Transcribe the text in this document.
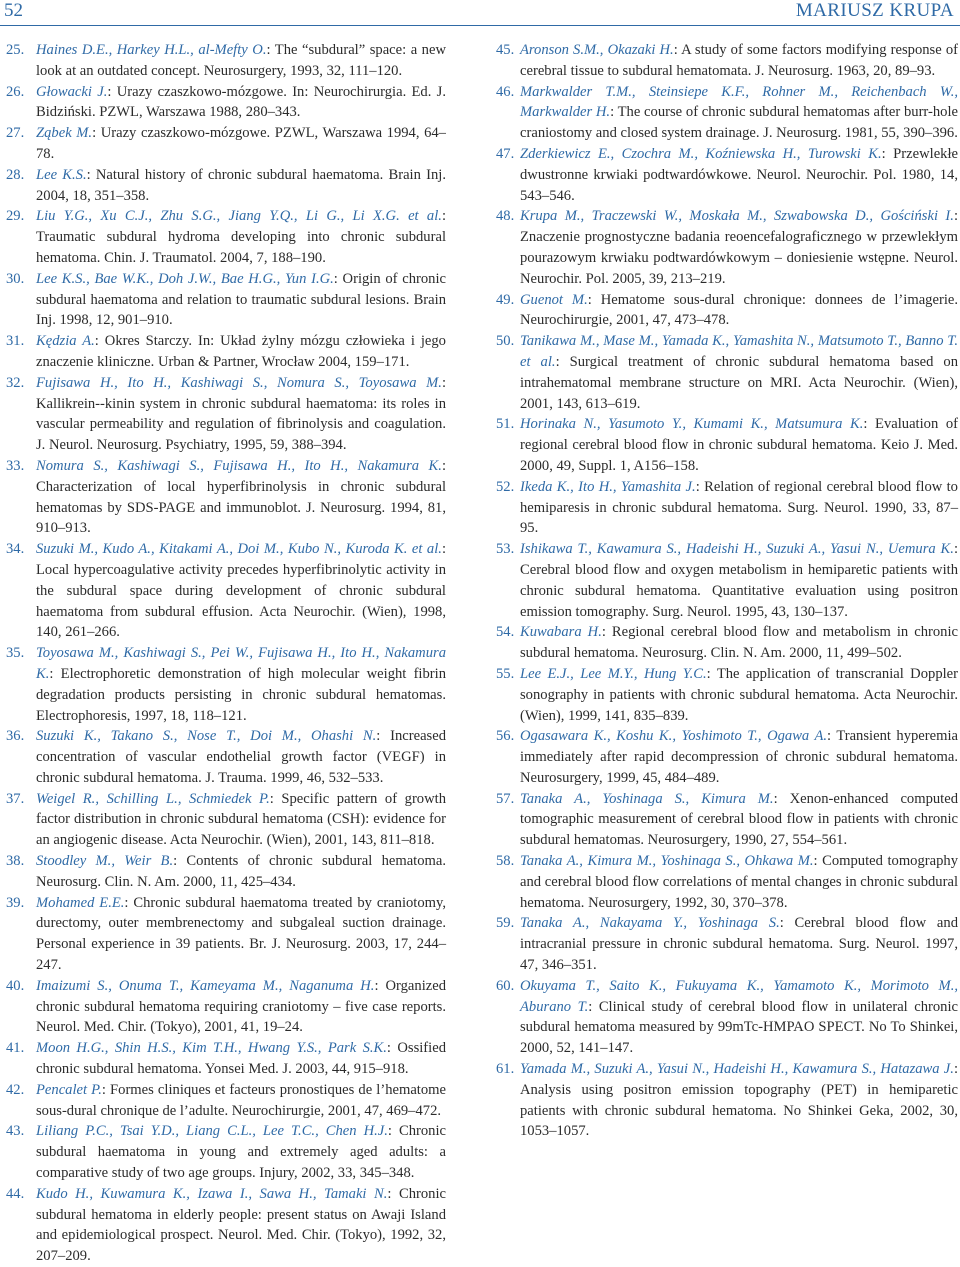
52	MARIUSZ KRUPA

25. Haines D.E., Harkey H.L., al-Mefty O.: The “subdural” space: a new look at an outdated concept. Neurosurgery, 1993, 32, 111–120.

26. Głowacki J.: Urazy czaszkowo-mózgowe. In: Neurochirurgia. Ed. J. Bidziński. PZWL, Warszawa 1988, 280–343.

27. Ząbek M.: Urazy czaszkowo-mózgowe. PZWL, Warszawa 1994, 64–78.

28. Lee K.S.: Natural history of chronic subdural haematoma. Brain Inj. 2004, 18, 351–358.

29. Liu Y.G., Xu C.J., Zhu S.G., Jiang Y.Q., Li G., Li X.G. et al.: Traumatic subdural hydroma developing into chronic subdural hematoma. Chin. J. Traumatol. 2004, 7, 188–190.

30. Lee K.S., Bae W.K., Doh J.W., Bae H.G., Yun I.G.: Origin of chronic subdural haematoma and relation to traumatic subdural lesions. Brain Inj. 1998, 12, 901–910.

31. Kędzia A.: Okres Starczy. In: Układ żylny mózgu człowieka i jego znaczenie kliniczne. Urban & Partner, Wrocław 2004, 159–171.

32. Fujisawa H., Ito H., Kashiwagi S., Nomura S., Toyosawa M.: Kallikrein--kinin system in chronic subdural haematoma: its roles in vascular permeability and regulation of fibrinolysis and coagulation. J. Neurol. Neurosurg. Psychiatry, 1995, 59, 388–394.

33. Nomura S., Kashiwagi S., Fujisawa H., Ito H., Nakamura K.: Characterization of local hyperfibrinolysis in chronic subdural hematomas by SDS-PAGE and immunoblot. J. Neurosurg. 1994, 81, 910–913.

34. Suzuki M., Kudo A., Kitakami A., Doi M., Kubo N., Kuroda K. et al.: Local hypercoagulative activity precedes hyperfibrinolytic activity in the subdural space during development of chronic subdural haematoma from subdural effusion. Acta Neurochir. (Wien), 1998, 140, 261–266.

35. Toyosawa M., Kashiwagi S., Pei W., Fujisawa H., Ito H., Nakamura K.: Electrophoretic demonstration of high molecular weight fibrin degradation products persisting in chronic subdural hematomas. Electrophoresis, 1997, 18, 118–121.

36. Suzuki K., Takano S., Nose T., Doi M., Ohashi N.: Increased concentration of vascular endothelial growth factor (VEGF) in chronic subdural hematoma. J. Trauma. 1999, 46, 532–533.

37. Weigel R., Schilling L., Schmiedek P.: Specific pattern of growth factor distribution in chronic subdural hematoma (CSH): evidence for an angiogenic disease. Acta Neurochir. (Wien), 2001, 143, 811–818.

38. Stoodley M., Weir B.: Contents of chronic subdural hematoma. Neurosurg. Clin. N. Am. 2000, 11, 425–434.

39. Mohamed E.E.: Chronic subdural haematoma treated by craniotomy, durectomy, outer membrenectomy and subgaleal suction drainage. Personal experience in 39 patients. Br. J. Neurosurg. 2003, 17, 244–247.

40. Imaizumi S., Onuma T., Kameyama M., Naganuma H.: Organized chronic subdural hematoma requiring craniotomy – five case reports. Neurol. Med. Chir. (Tokyo), 2001, 41, 19–24.

41. Moon H.G., Shin H.S., Kim T.H., Hwang Y.S., Park S.K.: Ossified chronic subdural hematoma. Yonsei Med. J. 2003, 44, 915–918.

42. Pencalet P.: Formes cliniques et facteurs pronostiques de l’hematome sous-dural chronique de l’adulte. Neurochirurgie, 2001, 47, 469–472.

43. Liliang P.C., Tsai Y.D., Liang C.L., Lee T.C., Chen H.J.: Chronic subdural haematoma in young and extremely aged adults: a comparative study of two age groups. Injury, 2002, 33, 345–348.

44. Kudo H., Kuwamura K., Izawa I., Sawa H., Tamaki N.: Chronic subdural hematoma in elderly people: present status on Awaji Island and epidemiological prospect. Neurol. Med. Chir. (Tokyo), 1992, 32, 207–209.

45. Aronson S.M., Okazaki H.: A study of some factors modifying response of cerebral tissue to subdural hematomata. J. Neurosurg. 1963, 20, 89–93.

46. Markwalder T.M., Steinsiepe K.F., Rohner M., Reichenbach W., Markwalder H.: The course of chronic subdural hematomas after burr-hole craniostomy and closed system drainage. J. Neurosurg. 1981, 55, 390–396.

47. Zderkiewicz E., Czochra M., Koźniewska H., Turowski K.: Przewlekłe dwustronne krwiaki podtwardówkowe. Neurol. Neurochir. Pol. 1980, 14, 543–546.

48. Krupa M., Traczewski W., Moskała M., Szwabowska D., Gościński I.: Znaczenie prognostyczne badania reoencefalograficznego w przewlekłym pourazowym krwiaku podtwardówkowym – doniesienie wstępne. Neurol. Neurochir. Pol. 2005, 39, 213–219.

49. Guenot M.: Hematome sous-dural chronique: donnees de l’imagerie. Neurochirurgie, 2001, 47, 473–478.

50. Tanikawa M., Mase M., Yamada K., Yamashita N., Matsumoto T., Banno T. et al.: Surgical treatment of chronic subdural hematoma based on intrahematomal membrane structure on MRI. Acta Neurochir. (Wien), 2001, 143, 613–619.

51. Horinaka N., Yasumoto Y., Kumami K., Matsumura K.: Evaluation of regional cerebral blood flow in chronic subdural hematoma. Keio J. Med. 2000, 49, Suppl. 1, A156–158.

52. Ikeda K., Ito H., Yamashita J.: Relation of regional cerebral blood flow to hemiparesis in chronic subdural hematoma. Surg. Neurol. 1990, 33, 87–95.

53. Ishikawa T., Kawamura S., Hadeishi H., Suzuki A., Yasui N., Uemura K.: Cerebral blood flow and oxygen metabolism in hemiparetic patients with chronic subdural hematoma. Quantitative evaluation using positron emission tomography. Surg. Neurol. 1995, 43, 130–137.

54. Kuwabara H.: Regional cerebral blood flow and metabolism in chronic subdural hematoma. Neurosurg. Clin. N. Am. 2000, 11, 499–502.

55. Lee E.J., Lee M.Y., Hung Y.C.: The application of transcranial Doppler sonography in patients with chronic subdural hematoma. Acta Neurochir. (Wien), 1999, 141, 835–839.

56. Ogasawara K., Koshu K., Yoshimoto T., Ogawa A.: Transient hyperemia immediately after rapid decompression of chronic subdural hematoma. Neurosurgery, 1999, 45, 484–489.

57. Tanaka A., Yoshinaga S., Kimura M.: Xenon-enhanced computed tomographic measurement of cerebral blood flow in patients with chronic subdural hematomas. Neurosurgery, 1990, 27, 554–561.

58. Tanaka A., Kimura M., Yoshinaga S., Ohkawa M.: Computed tomography and cerebral blood flow correlations of mental changes in chronic subdural hematoma. Neurosurgery, 1992, 30, 370–378.

59. Tanaka A., Nakayama Y., Yoshinaga S.: Cerebral blood flow and intracranial pressure in chronic subdural hematoma. Surg. Neurol. 1997, 47, 346–351.

60. Okuyama T., Saito K., Fukuyama K., Yamamoto K., Morimoto M., Aburano T.: Clinical study of cerebral blood flow in unilateral chronic subdural hematoma measured by 99mTc-HMPAO SPECT. No To Shinkei, 2000, 52, 141–147.

61. Yamada M., Suzuki A., Yasui N., Hadeishi H., Kawamura S., Hatazawa J.: Analysis using positron emission topography (PET) in hemiparetic patients with chronic subdural hematoma. No Shinkei Geka, 2002, 30, 1053–1057.
